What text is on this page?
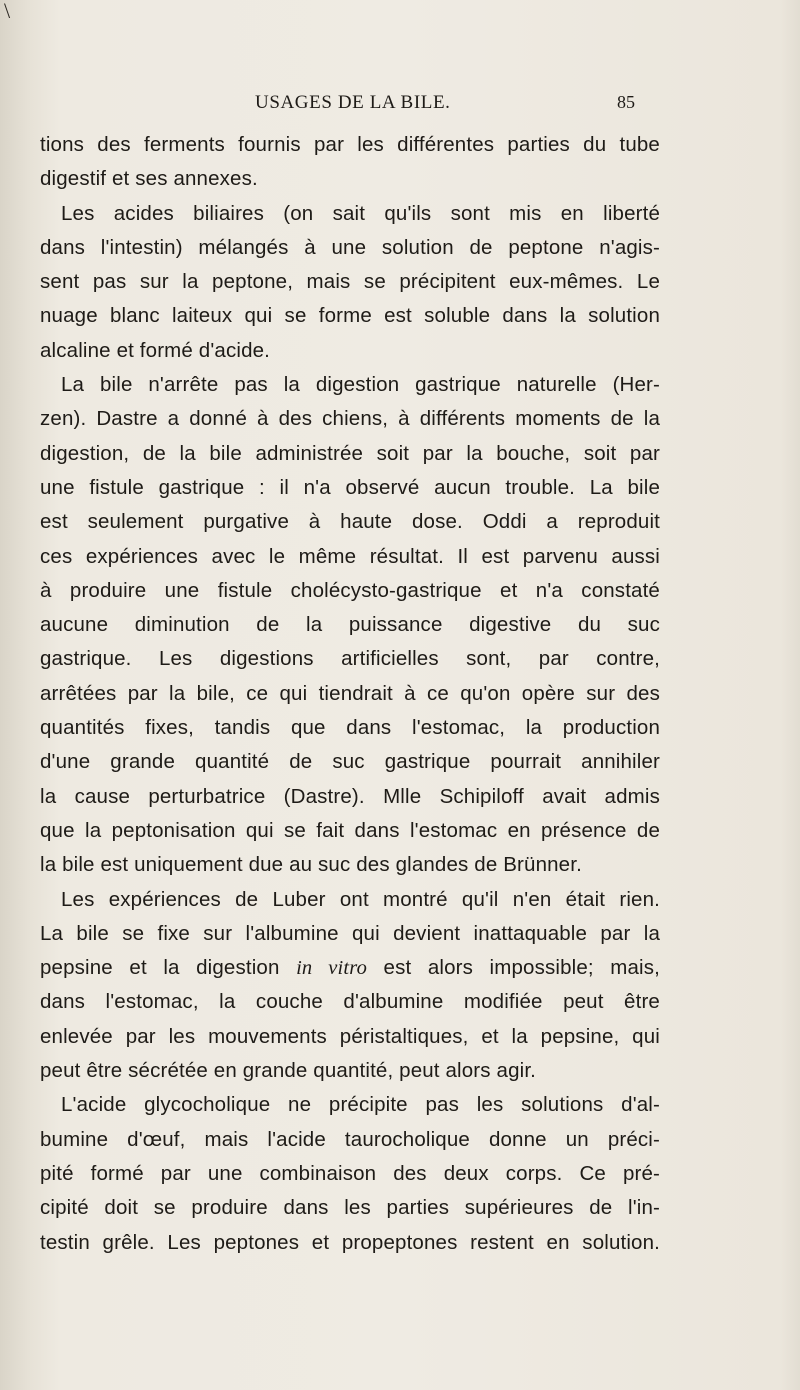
\
USAGES DE LA BILE.	85
tions des ferments fournis par les différentes parties du tube
digestif et ses annexes.
Les acides biliaires (on sait qu'ils sont mis en liberté
dans l'intestin) mélangés à une solution de peptone n'agis-
sent pas sur la peptone, mais se précipitent eux-mêmes. Le
nuage blanc laiteux qui se forme est soluble dans la solution
alcaline et formé d'acide.
La bile n'arrête pas la digestion gastrique naturelle (Her-
zen). Dastre a donné à des chiens, à différents moments de la
digestion, de la bile administrée soit par la bouche, soit par
une fistule gastrique : il n'a observé aucun trouble. La bile
est seulement purgative à haute dose. Oddi a reproduit
ces expériences avec le même résultat. Il est parvenu aussi
à produire une fistule cholécysto-gastrique et n'a constaté
aucune diminution de la puissance digestive du suc
gastrique. Les digestions artificielles sont, par contre,
arrêtées par la bile, ce qui tiendrait à ce qu'on opère sur des
quantités fixes, tandis que dans l'estomac, la production
d'une grande quantité de suc gastrique pourrait annihiler
la cause perturbatrice (Dastre). Mlle Schipiloff avait admis
que la peptonisation qui se fait dans l'estomac en présence de
la bile est uniquement due au suc des glandes de Brünner.
Les expériences de Luber ont montré qu'il n'en était rien.
La bile se fixe sur l'albumine qui devient inattaquable par la
pepsine et la digestion in vitro est alors impossible; mais,
dans l'estomac, la couche d'albumine modifiée peut être
enlevée par les mouvements péristaltiques, et la pepsine, qui
peut être sécrétée en grande quantité, peut alors agir.
L'acide glycocholique ne précipite pas les solutions d'al-
bumine d'œuf, mais l'acide taurocholique donne un préci-
pité formé par une combinaison des deux corps. Ce pré-
cipité doit se produire dans les parties supérieures de l'in-
testin grêle. Les peptones et propeptones restent en solution.
